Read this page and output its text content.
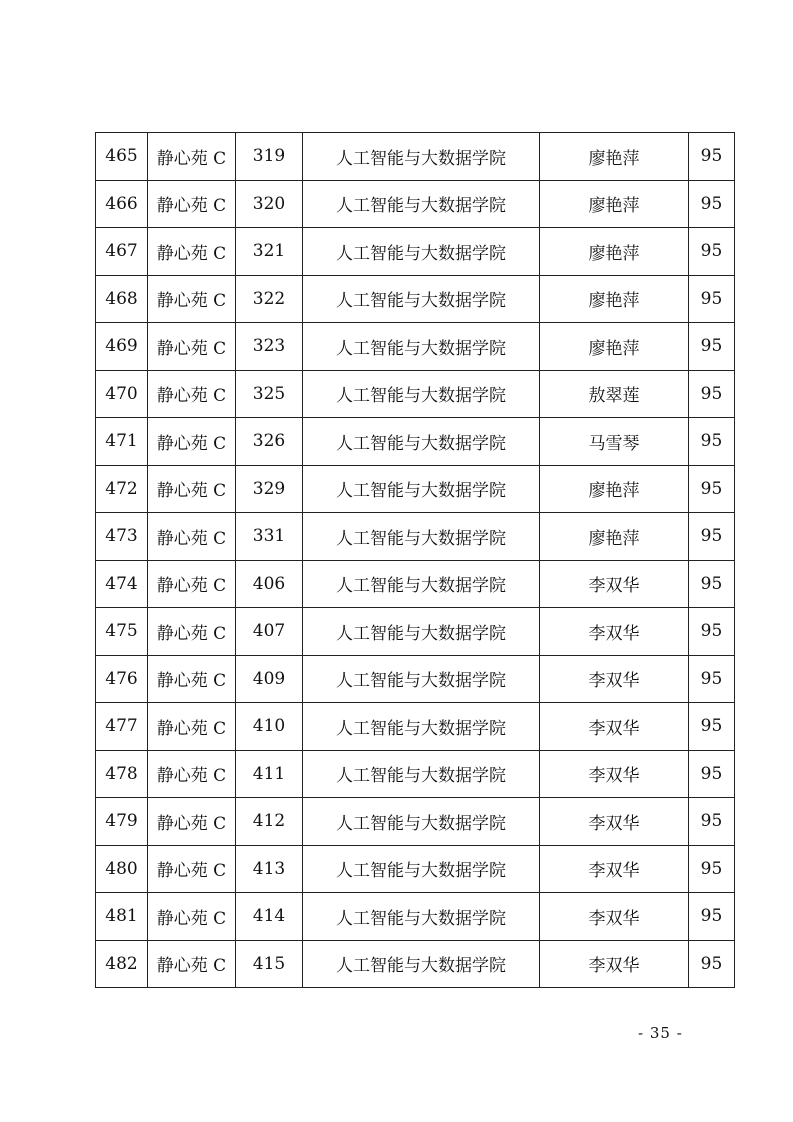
465	静心苑 C	319	人工智能与大数据学院	廖艳萍	95
466	静心苑 C	320	人工智能与大数据学院	廖艳萍	95
467	静心苑 C	321	人工智能与大数据学院	廖艳萍	95
468	静心苑 C	322	人工智能与大数据学院	廖艳萍	95
469	静心苑 C	323	人工智能与大数据学院	廖艳萍	95
470	静心苑 C	325	人工智能与大数据学院	敖翠莲	95
471	静心苑 C	326	人工智能与大数据学院	马雪琴	95
472	静心苑 C	329	人工智能与大数据学院	廖艳萍	95
473	静心苑 C	331	人工智能与大数据学院	廖艳萍	95
474	静心苑 C	406	人工智能与大数据学院	李双华	95
475	静心苑 C	407	人工智能与大数据学院	李双华	95
476	静心苑 C	409	人工智能与大数据学院	李双华	95
477	静心苑 C	410	人工智能与大数据学院	李双华	95
478	静心苑 C	411	人工智能与大数据学院	李双华	95
479	静心苑 C	412	人工智能与大数据学院	李双华	95
480	静心苑 C	413	人工智能与大数据学院	李双华	95
481	静心苑 C	414	人工智能与大数据学院	李双华	95
482	静心苑 C	415	人工智能与大数据学院	李双华	95
- 35 -
